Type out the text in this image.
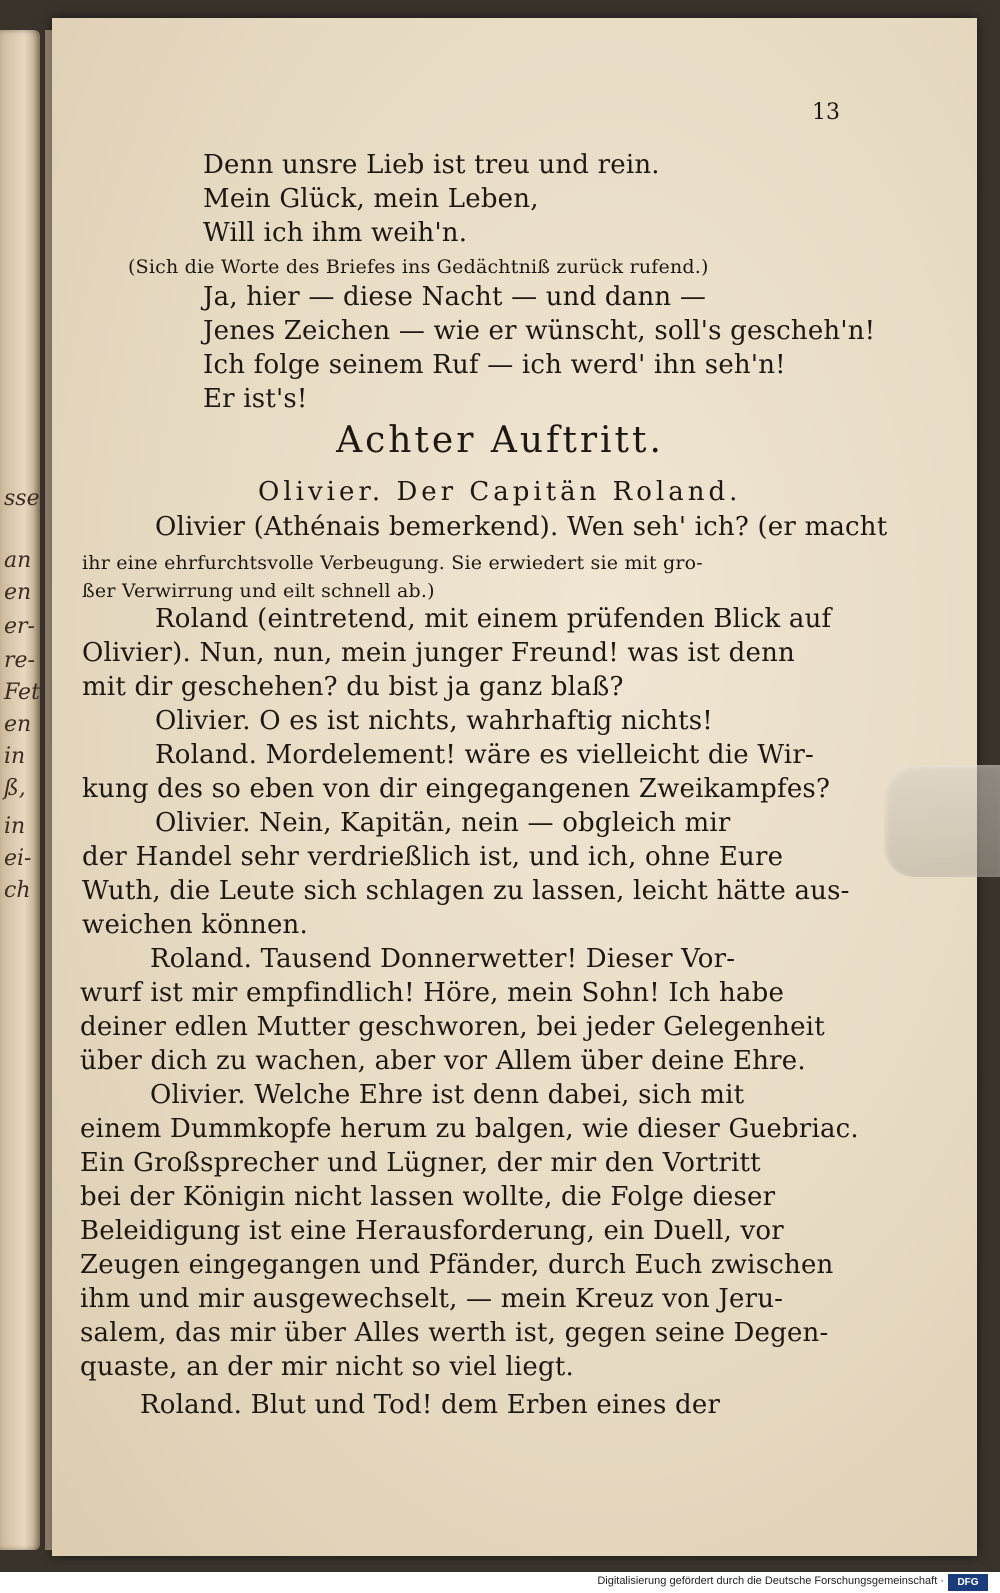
sse
an
en
er-
re-
Fet
en
in
ß,
in
ei-
ch
13
Denn unsre Lieb ist treu und rein.
Mein Glück, mein Leben,
Will ich ihm weih'n.
(Sich die Worte des Briefes ins Gedächtniß zurück rufend.)
Ja, hier — diese Nacht — und dann —
Jenes Zeichen — wie er wünscht, soll's gescheh'n!
Ich folge seinem Ruf — ich werd' ihn seh'n!
Er ist's!
Olivier. Der Capitän Roland.
Olivier (Athénais bemerkend). Wen seh' ich? (er macht
ihr eine ehrfurchtsvolle Verbeugung. Sie erwiedert sie mit gro-
ßer Verwirrung und eilt schnell ab.)
Roland (eintretend, mit einem prüfenden Blick auf
Olivier). Nun, nun, mein junger Freund! was ist denn
mit dir geschehen? du bist ja ganz blaß?
Olivier. O es ist nichts, wahrhaftig nichts!
Roland. Mordelement! wäre es vielleicht die Wir-
kung des so eben von dir eingegangenen Zweikampfes?
Olivier. Nein, Kapitän, nein — obgleich mir
der Handel sehr verdrießlich ist, und ich, ohne Eure
Wuth, die Leute sich schlagen zu lassen, leicht hätte aus-
weichen können.
Roland. Tausend Donnerwetter! Dieser Vor-
wurf ist mir empfindlich! Höre, mein Sohn! Ich habe
deiner edlen Mutter geschworen, bei jeder Gelegenheit
über dich zu wachen, aber vor Allem über deine Ehre.
Olivier. Welche Ehre ist denn dabei, sich mit
einem Dummkopfe herum zu balgen, wie dieser Guebriac.
Ein Großsprecher und Lügner, der mir den Vortritt
bei der Königin nicht lassen wollte, die Folge dieser
Beleidigung ist eine Herausforderung, ein Duell, vor
Zeugen eingegangen und Pfänder, durch Euch zwischen
ihm und mir ausgewechselt, — mein Kreuz von Jeru-
salem, das mir über Alles werth ist, gegen seine Degen-
quaste, an der mir nicht so viel liegt.
Roland. Blut und Tod! dem Erben eines der
Achter Auftritt.
Digitalisierung gefördert durch die Deutsche Forschungsgemeinschaft ·	DFG
